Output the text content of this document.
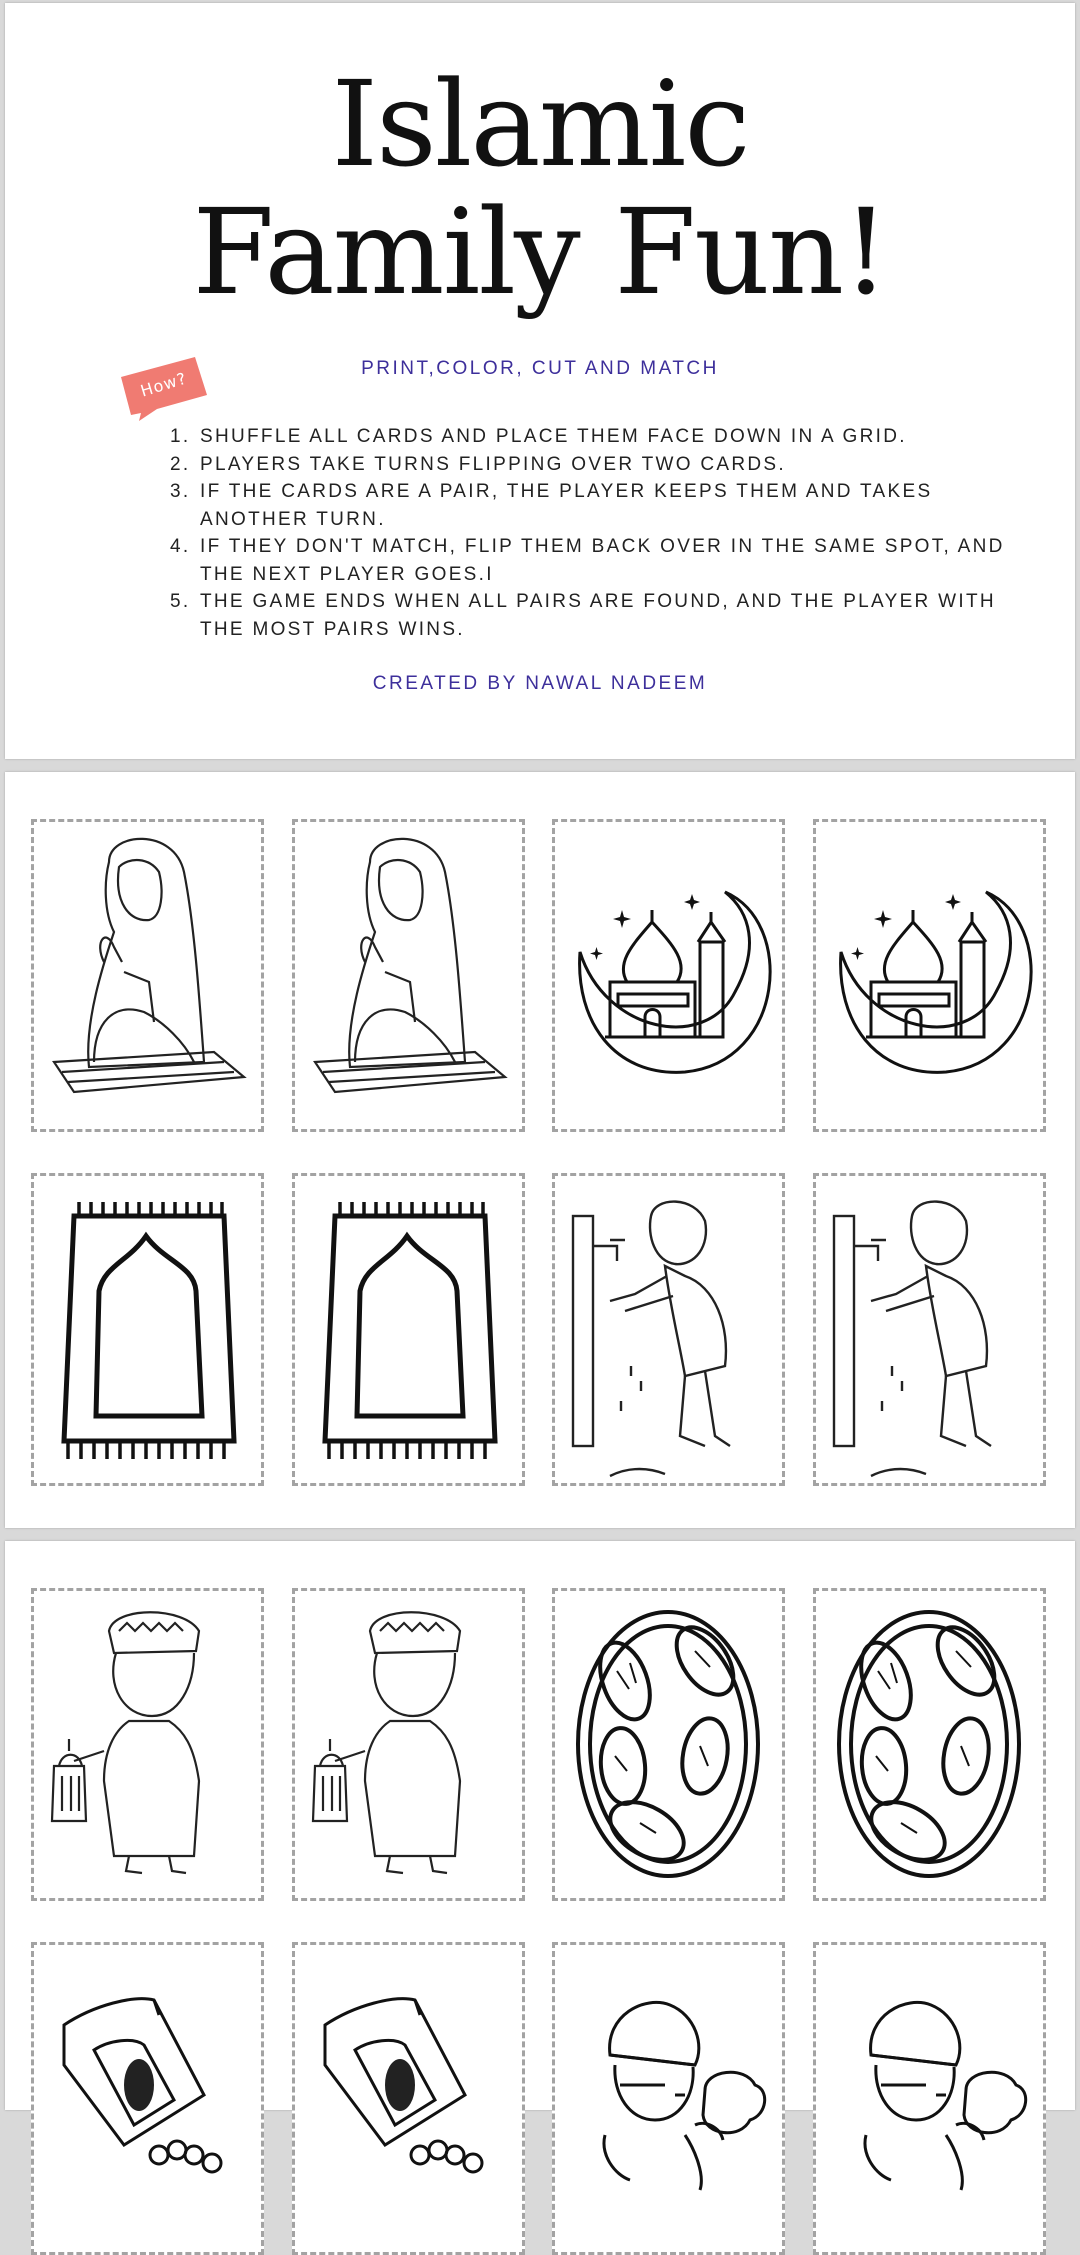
Islamic
Family Fun!
How?	PRINT,COLOR, CUT AND MATCH
1. SHUFFLE ALL CARDS AND PLACE THEM FACE DOWN IN A GRID.
2. PLAYERS TAKE TURNS FLIPPING OVER TWO CARDS.
3. IF THE CARDS ARE A PAIR, THE PLAYER KEEPS THEM AND TAKES ANOTHER TURN.
4. IF THEY DON'T MATCH, FLIP THEM BACK OVER IN THE SAME SPOT, AND THE NEXT PLAYER GOES.I
5. THE GAME ENDS WHEN ALL PAIRS ARE FOUND, AND THE PLAYER WITH THE MOST PAIRS WINS.
CREATED BY NAWAL NADEEM
